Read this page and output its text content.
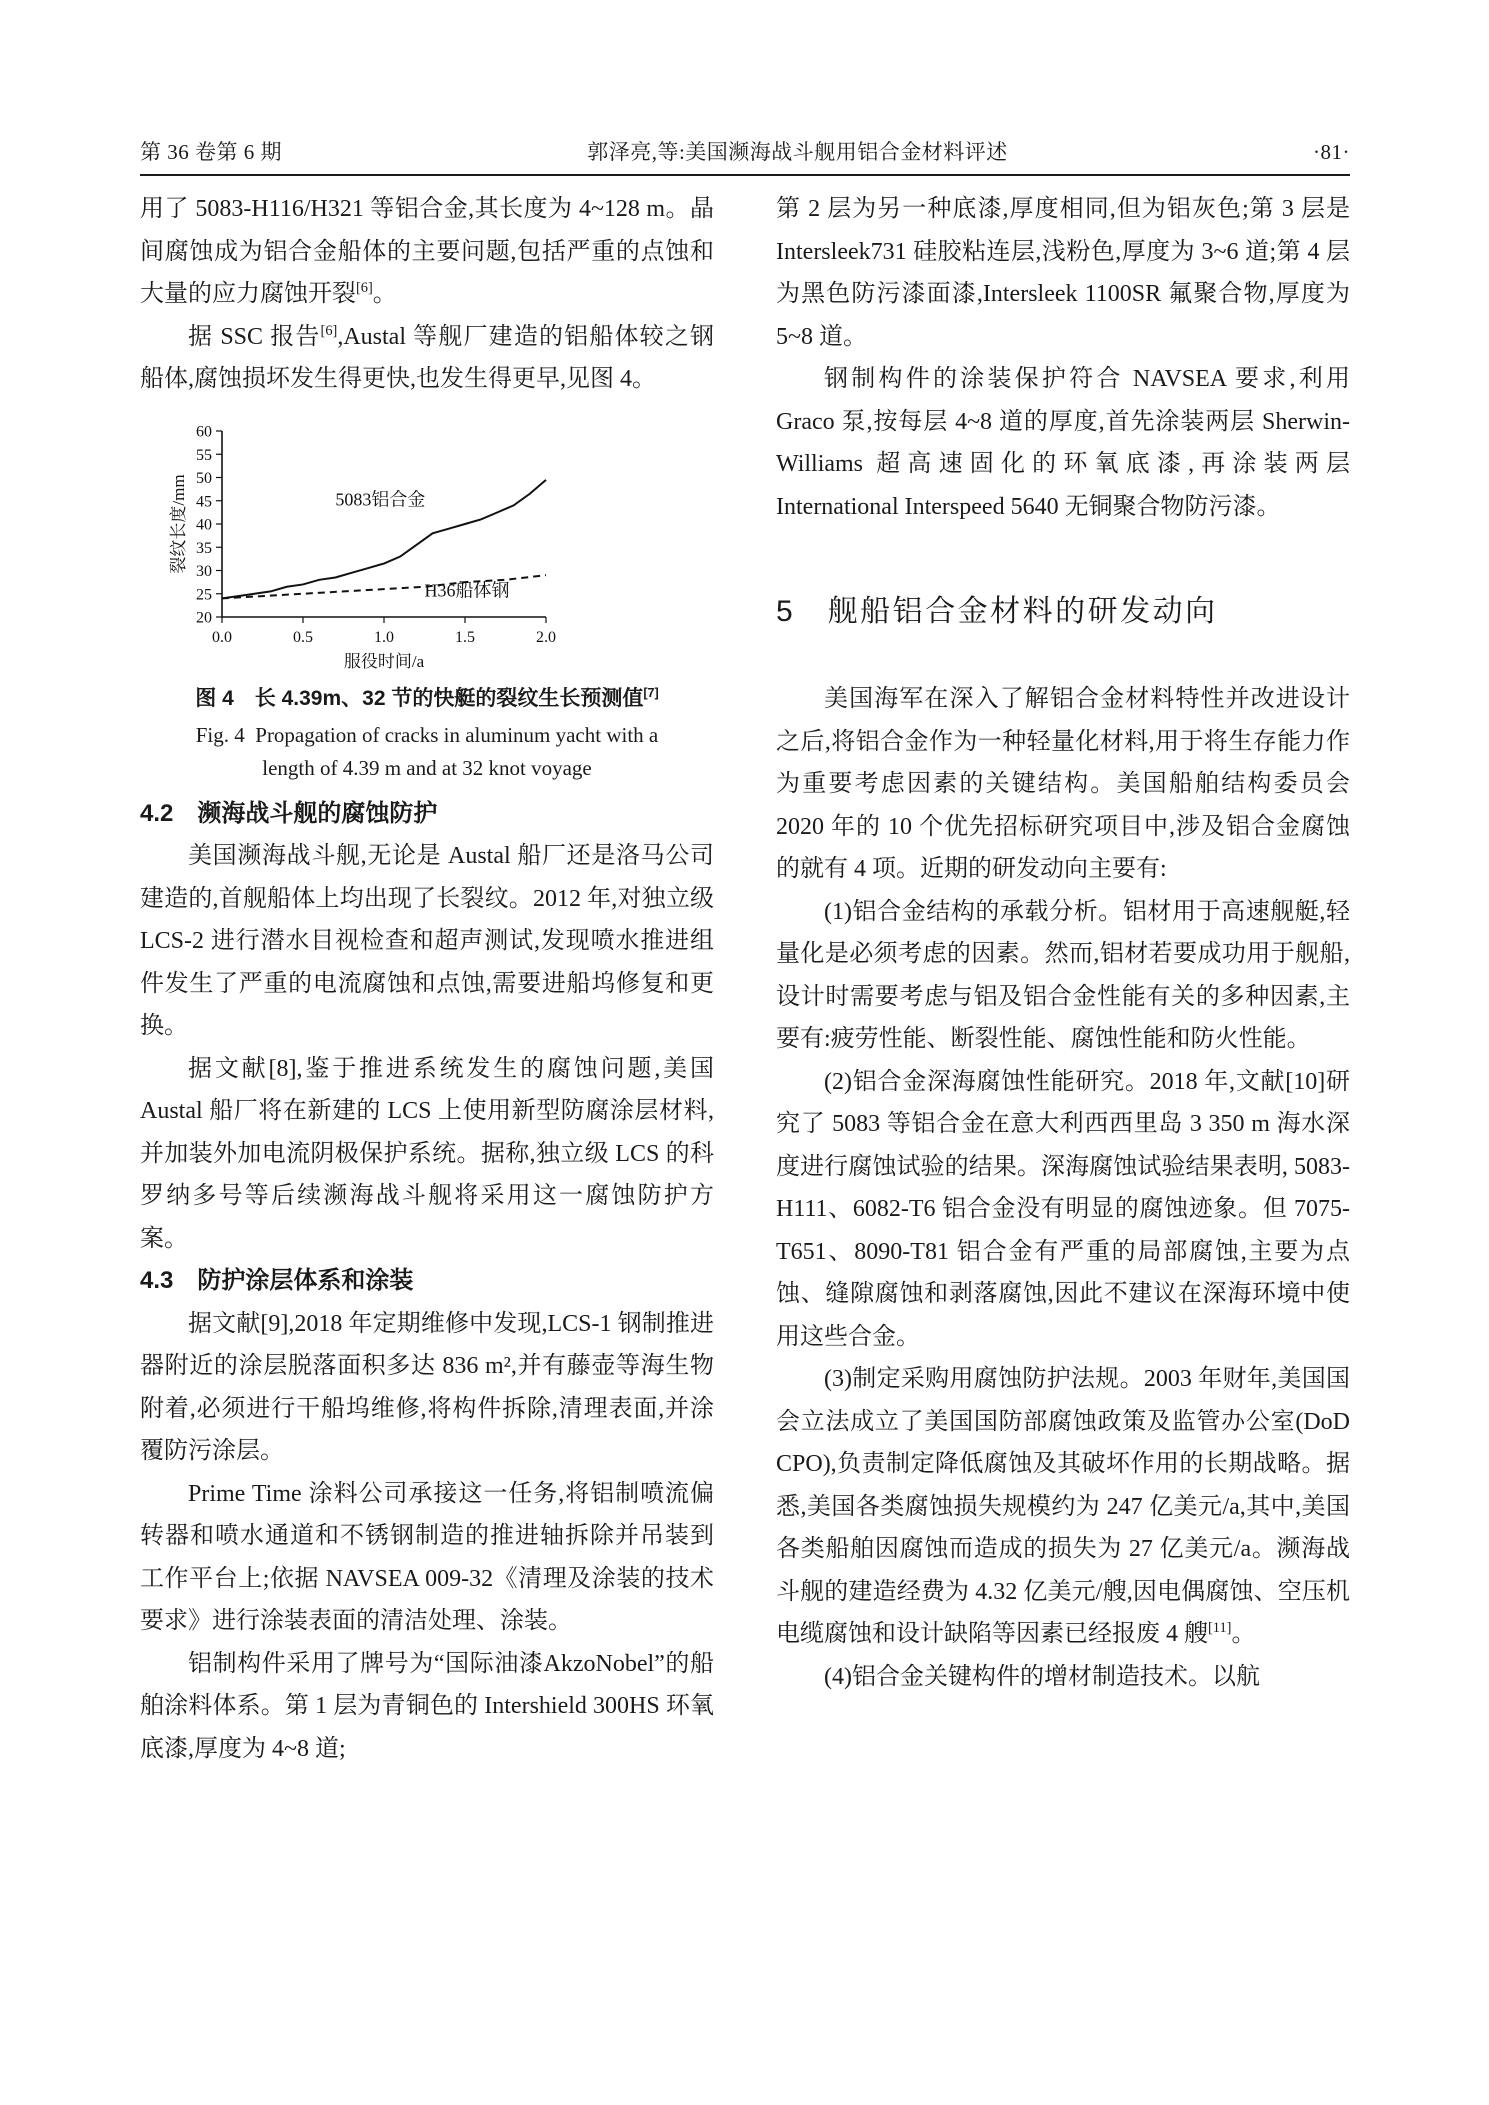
第 36 卷第 6 期	郭泽亮,等:美国濒海战斗舰用铝合金材料评述	·81·

用了 5083-H116/H321 等铝合金,其长度为 4~128 m。晶间腐蚀成为铝合金船体的主要问题,包括严重的点蚀和大量的应力腐蚀开裂[6]。

据 SSC 报告[6],Austal 等舰厂建造的铝船体较之钢船体,腐蚀损坏发生得更快,也发生得更早,见图 4。

20
25
30
35
40
45
50
55
60
0.0	0.5	1.0	1.5	2.0
服役时间/a
裂纹长度/mm	5083铝合金
H36船体钢
图 4　长 4.39m、32 节的快艇的裂纹生长预测值[7]
Fig. 4 Propagation of cracks in aluminum yacht with a
length of 4.39 m and at 32 knot voyage
4.2　濒海战斗舰的腐蚀防护

美国濒海战斗舰,无论是 Austal 船厂还是洛马公司建造的,首舰船体上均出现了长裂纹。2012 年,对独立级 LCS-2 进行潜水目视检查和超声测试,发现喷水推进组件发生了严重的电流腐蚀和点蚀,需要进船坞修复和更换。

据文献[8],鉴于推进系统发生的腐蚀问题,美国 Austal 船厂将在新建的 LCS 上使用新型防腐涂层材料,并加装外加电流阴极保护系统。据称,独立级 LCS 的科罗纳多号等后续濒海战斗舰将采用这一腐蚀防护方案。

4.3　防护涂层体系和涂装

据文献[9],2018 年定期维修中发现,LCS-1 钢制推进器附近的涂层脱落面积多达 836 m²,并有藤壶等海生物附着,必须进行干船坞维修,将构件拆除,清理表面,并涂覆防污涂层。

Prime Time 涂料公司承接这一任务,将铝制喷流偏转器和喷水通道和不锈钢制造的推进轴拆除并吊装到工作平台上;依据 NAVSEA 009-32《清理及涂装的技术要求》进行涂装表面的清洁处理、涂装。

铝制构件采用了牌号为“国际油漆AkzoNobel”的船舶涂料体系。第 1 层为青铜色的 Intershield 300HS 环氧底漆,厚度为 4~8 道;

第 2 层为另一种底漆,厚度相同,但为铝灰色;第 3 层是 Intersleek731 硅胶粘连层,浅粉色,厚度为 3~6 道;第 4 层为黑色防污漆面漆,Intersleek 1100SR 氟聚合物,厚度为 5~8 道。

钢制构件的涂装保护符合 NAVSEA 要求,利用 Graco 泵,按每层 4~8 道的厚度,首先涂装两层 Sherwin-Williams 超高速固化的环氧底漆,再涂装两层 International Interspeed 5640 无铜聚合物防污漆。

5　舰船铝合金材料的研发动向

美国海军在深入了解铝合金材料特性并改进设计之后,将铝合金作为一种轻量化材料,用于将生存能力作为重要考虑因素的关键结构。美国船舶结构委员会 2020 年的 10 个优先招标研究项目中,涉及铝合金腐蚀的就有 4 项。近期的研发动向主要有:

(1)铝合金结构的承载分析。铝材用于高速舰艇,轻量化是必须考虑的因素。然而,铝材若要成功用于舰船,设计时需要考虑与铝及铝合金性能有关的多种因素,主要有:疲劳性能、断裂性能、腐蚀性能和防火性能。

(2)铝合金深海腐蚀性能研究。2018 年,文献[10]研究了 5083 等铝合金在意大利西西里岛 3 350 m 海水深度进行腐蚀试验的结果。深海腐蚀试验结果表明, 5083-H111、6082-T6 铝合金没有明显的腐蚀迹象。但 7075-T651、8090-T81 铝合金有严重的局部腐蚀,主要为点蚀、缝隙腐蚀和剥落腐蚀,因此不建议在深海环境中使用这些合金。

(3)制定采购用腐蚀防护法规。2003 年财年,美国国会立法成立了美国国防部腐蚀政策及监管办公室(DoD CPO),负责制定降低腐蚀及其破坏作用的长期战略。据悉,美国各类腐蚀损失规模约为 247 亿美元/a,其中,美国各类船舶因腐蚀而造成的损失为 27 亿美元/a。濒海战斗舰的建造经费为 4.32 亿美元/艘,因电偶腐蚀、空压机电缆腐蚀和设计缺陷等因素已经报废 4 艘[11]。

(4)铝合金关键构件的增材制造技术。以航
